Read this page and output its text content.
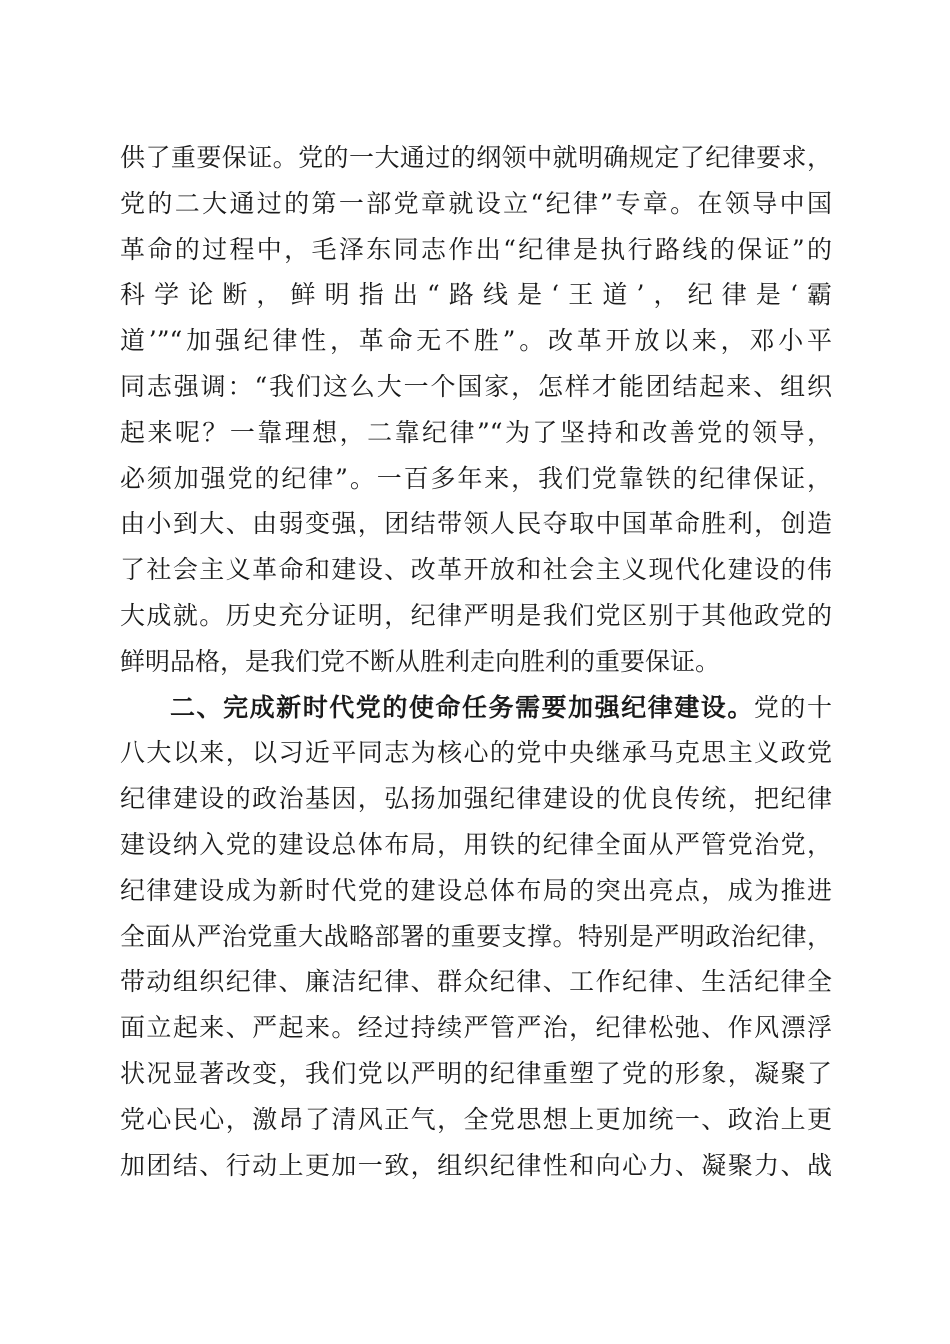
供了重要保证。党的一大通过的纲领中就明确规定了纪律要求，
党的二大通过的第一部党章就设立“纪律”专章。在领导中国
革命的过程中，毛泽东同志作出“纪律是执行路线的保证”的
科学论断，鲜明指出“路线是‘王道’，纪律是‘霸
道’”“加强纪律性，革命无不胜”。改革开放以来，邓小平
同志强调：“我们这么大一个国家，怎样才能团结起来、组织
起来呢？一靠理想，二靠纪律”“为了坚持和改善党的领导，
必须加强党的纪律”。一百多年来，我们党靠铁的纪律保证，
由小到大、由弱变强，团结带领人民夺取中国革命胜利，创造
了社会主义革命和建设、改革开放和社会主义现代化建设的伟
大成就。历史充分证明，纪律严明是我们党区别于其他政党的
鲜明品格，是我们党不断从胜利走向胜利的重要保证。
二、完成新时代党的使命任务需要加强纪律建设。党的十
八大以来，以习近平同志为核心的党中央继承马克思主义政党
纪律建设的政治基因，弘扬加强纪律建设的优良传统，把纪律
建设纳入党的建设总体布局，用铁的纪律全面从严管党治党，
纪律建设成为新时代党的建设总体布局的突出亮点，成为推进
全面从严治党重大战略部署的重要支撑。特别是严明政治纪律，
带动组织纪律、廉洁纪律、群众纪律、工作纪律、生活纪律全
面立起来、严起来。经过持续严管严治，纪律松弛、作风漂浮
状况显著改变，我们党以严明的纪律重塑了党的形象，凝聚了
党心民心，激昂了清风正气，全党思想上更加统一、政治上更
加团结、行动上更加一致，组织纪律性和向心力、凝聚力、战
